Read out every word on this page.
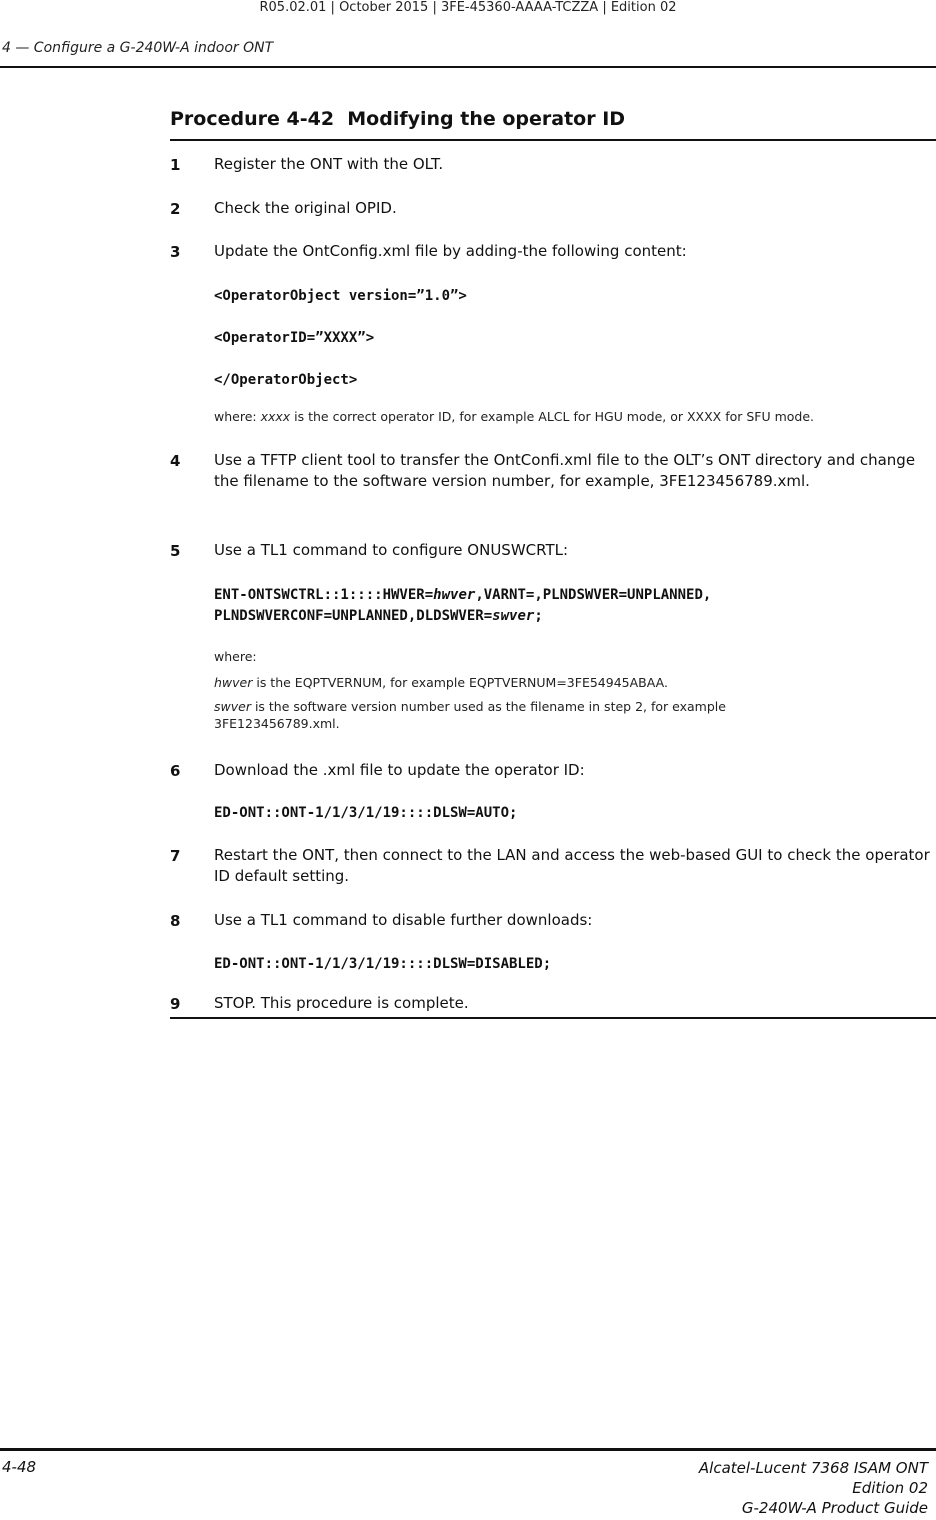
R05.02.01 | October 2015 | 3FE-45360-AAAA-TCZZA | Edition 02
4 — Configure a G-240W-A indoor ONT
Procedure 4-42  Modifying the operator ID
1 Register the ONT with the OLT.
2 Check the original OPID.
3 Update the OntConfig.xml file by adding-the following content:
<OperatorObject version=”1.0”>
<OperatorID=”XXXX”>
</OperatorObject>
where: xxxx is the correct operator ID, for example ALCL for HGU mode, or XXXX for SFU mode.
4 Use a TFTP client tool to transfer the OntConfi.xml file to the OLT’s ONT directory and change the filename to the software version number, for example, 3FE123456789.xml.
5 Use a TL1 command to configure ONUSWCRTL:
ENT-ONTSWCTRL::1::::HWVER=hwver,VARNT=,PLNDSWVER=UNPLANNED,
PLNDSWVERCONF=UNPLANNED,DLDSWVER=swver;
where:
hwver is the EQPTVERNUM, for example EQPTVERNUM=3FE54945ABAA.
swver is the software version number used as the filename in step 2, for example 3FE123456789.xml.
6 Download the .xml file to update the operator ID:
ED-ONT::ONT-1/1/3/1/19::::DLSW=AUTO;
7 Restart the ONT, then connect to the LAN and access the web-based GUI to check the operator ID default setting.
8 Use a TL1 command to disable further downloads:
ED-ONT::ONT-1/1/3/1/19::::DLSW=DISABLED;
9 STOP. This procedure is complete.
4-48	Alcatel-Lucent 7368 ISAM ONT
Edition 02
G-240W-A Product Guide
